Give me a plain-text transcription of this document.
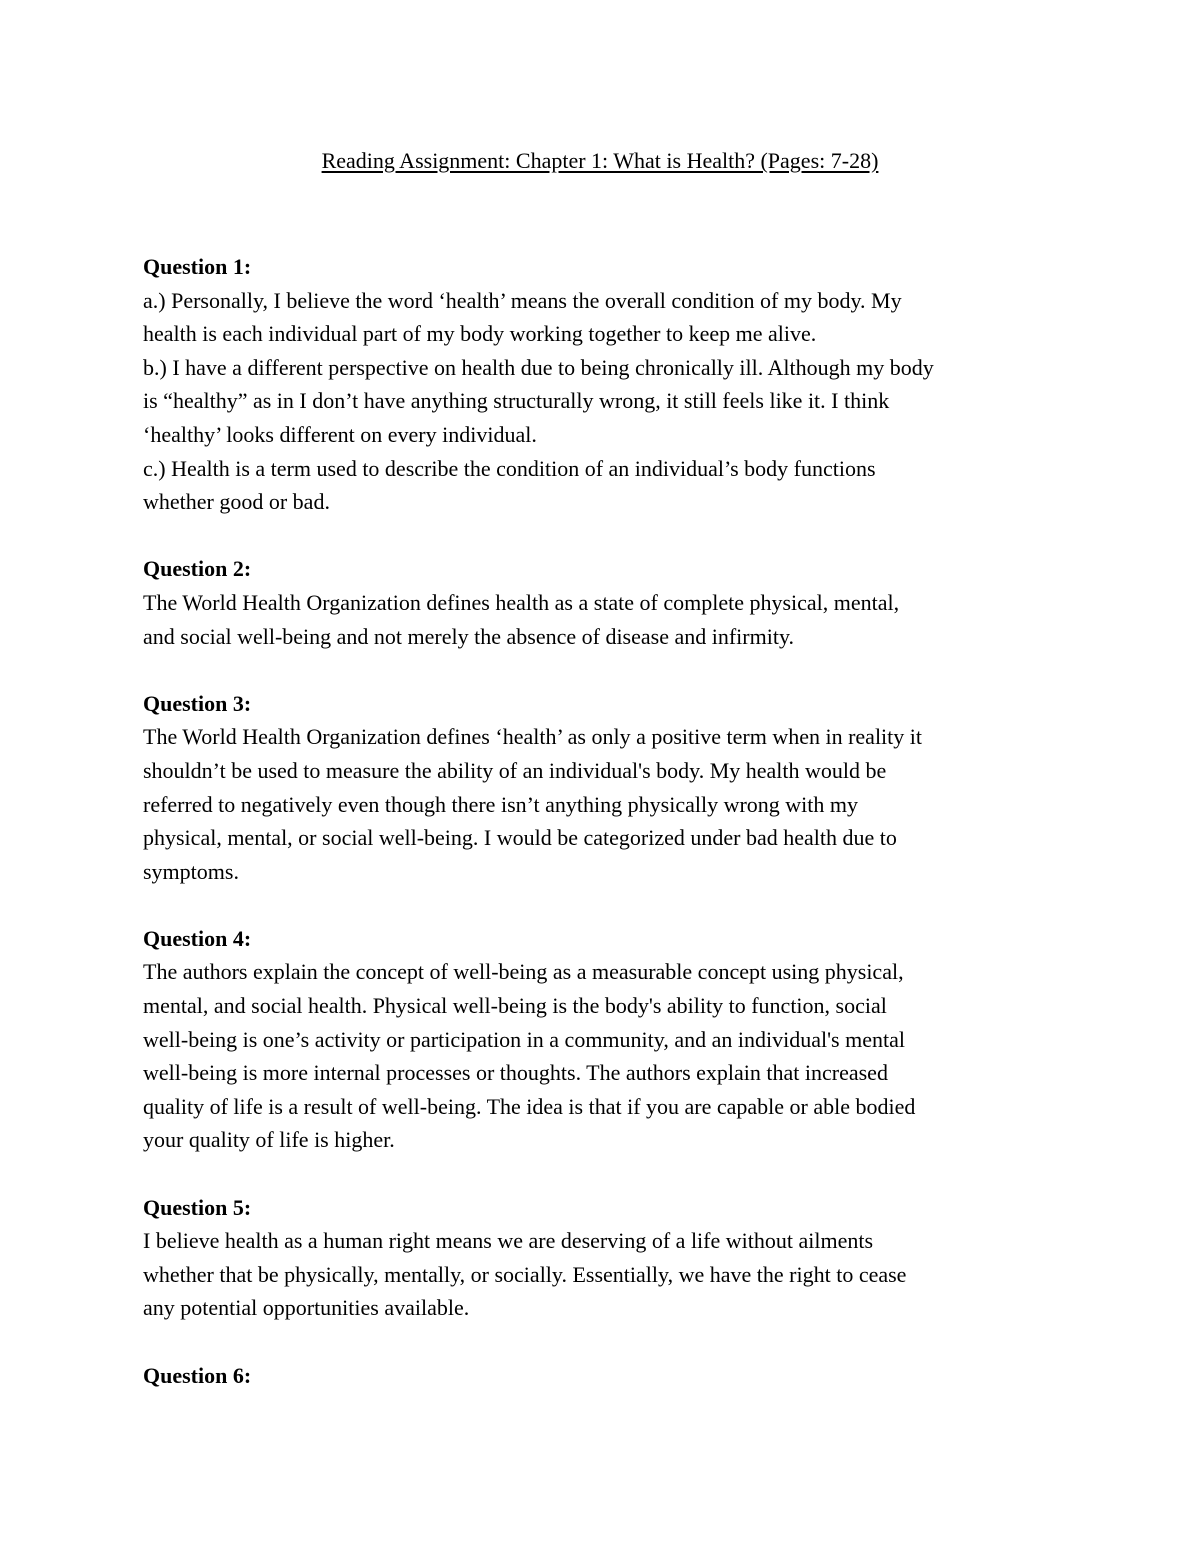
Reading Assignment: Chapter 1: What is Health? (Pages: 7-28)
Question 1:
a.) Personally, I believe the word ‘health’ means the overall condition of my body. My
health is each individual part of my body working together to keep me alive.
b.) I have a different perspective on health due to being chronically ill. Although my body
is “healthy” as in I don’t have anything structurally wrong, it still feels like it. I think
‘healthy’ looks different on every individual.
c.) Health is a term used to describe the condition of an individual’s body functions
whether good or bad.
Question 2:
The World Health Organization defines health as a state of complete physical, mental,
and social well-being and not merely the absence of disease and infirmity.
Question 3:
The World Health Organization defines ‘health’ as only a positive term when in reality it
shouldn’t be used to measure the ability of an individual's body. My health would be
referred to negatively even though there isn’t anything physically wrong with my
physical, mental, or social well-being. I would be categorized under bad health due to
symptoms.
Question 4:
The authors explain the concept of well-being as a measurable concept using physical,
mental, and social health. Physical well-being is the body's ability to function, social
well-being is one’s activity or participation in a community, and an individual's mental
well-being is more internal processes or thoughts. The authors explain that increased
quality of life is a result of well-being. The idea is that if you are capable or able bodied
your quality of life is higher.
Question 5:
I believe health as a human right means we are deserving of a life without ailments
whether that be physically, mentally, or socially. Essentially, we have the right to cease
any potential opportunities available.
Question 6:
